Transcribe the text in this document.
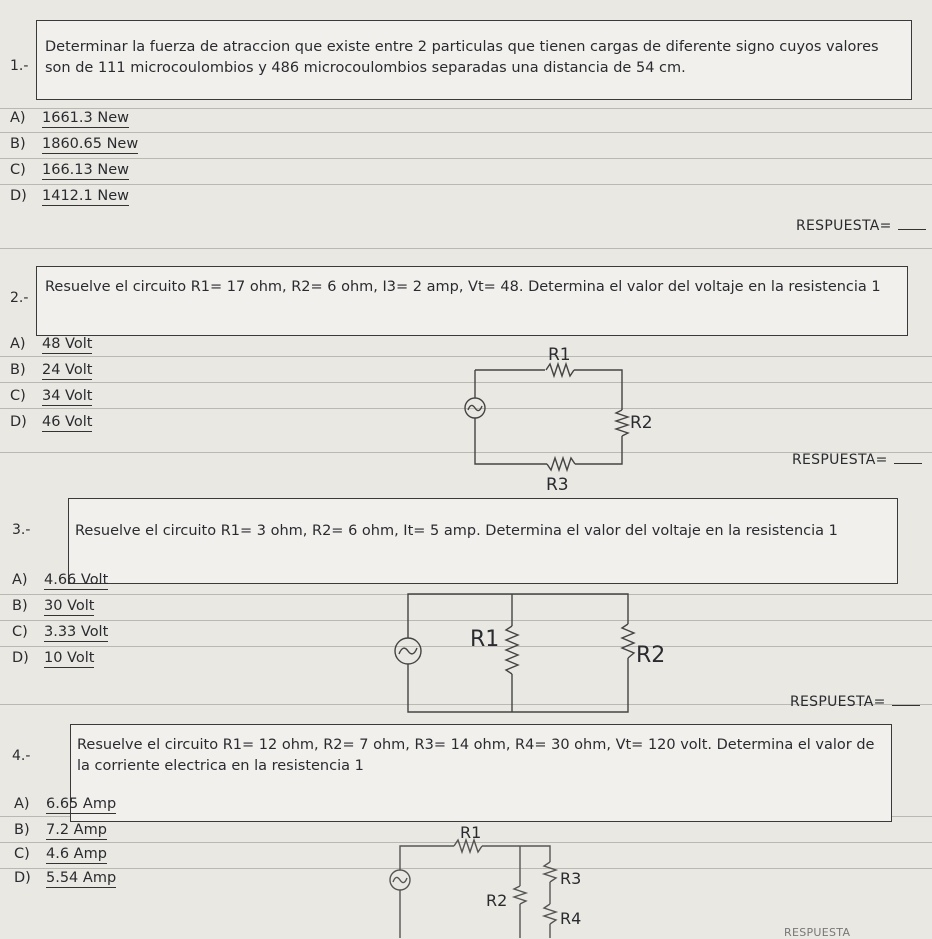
1.-
Determinar la fuerza de atraccion que existe entre 2 particulas que tienen cargas de diferente signo cuyos valores son de 111 microcoulombios y 486 microcoulombios separadas una distancia de 54 cm.
A) 1661.3 New
B) 1860.65 New
C) 166.13 New
D) 1412.1 New
RESPUESTA=
2.-
Resuelve el circuito R1= 17 ohm, R2= 6 ohm, I3= 2 amp, Vt= 48. Determina el valor del voltaje en la resistencia 1
A) 48 Volt
B) 24 Volt
C) 34 Volt
D) 46 Volt
R1
R2
R3
RESPUESTA=
3.-	Resuelve el circuito R1= 3 ohm, R2= 6 ohm, It= 5 amp. Determina el valor del voltaje en la resistencia 1
A) 4.66 Volt
B) 30 Volt
C) 3.33 Volt
D) 10 Volt
R1
R2
RESPUESTA=
4.-
Resuelve el circuito R1= 12 ohm, R2= 7 ohm, R3= 14 ohm, R4= 30 ohm, Vt= 120 volt. Determina el valor de la corriente electrica en la resistencia 1
A) 6.65 Amp
B) 7.2 Amp
C) 4.6 Amp
D) 5.54 Amp
R1
R2
R3
R4
RESPUESTA
